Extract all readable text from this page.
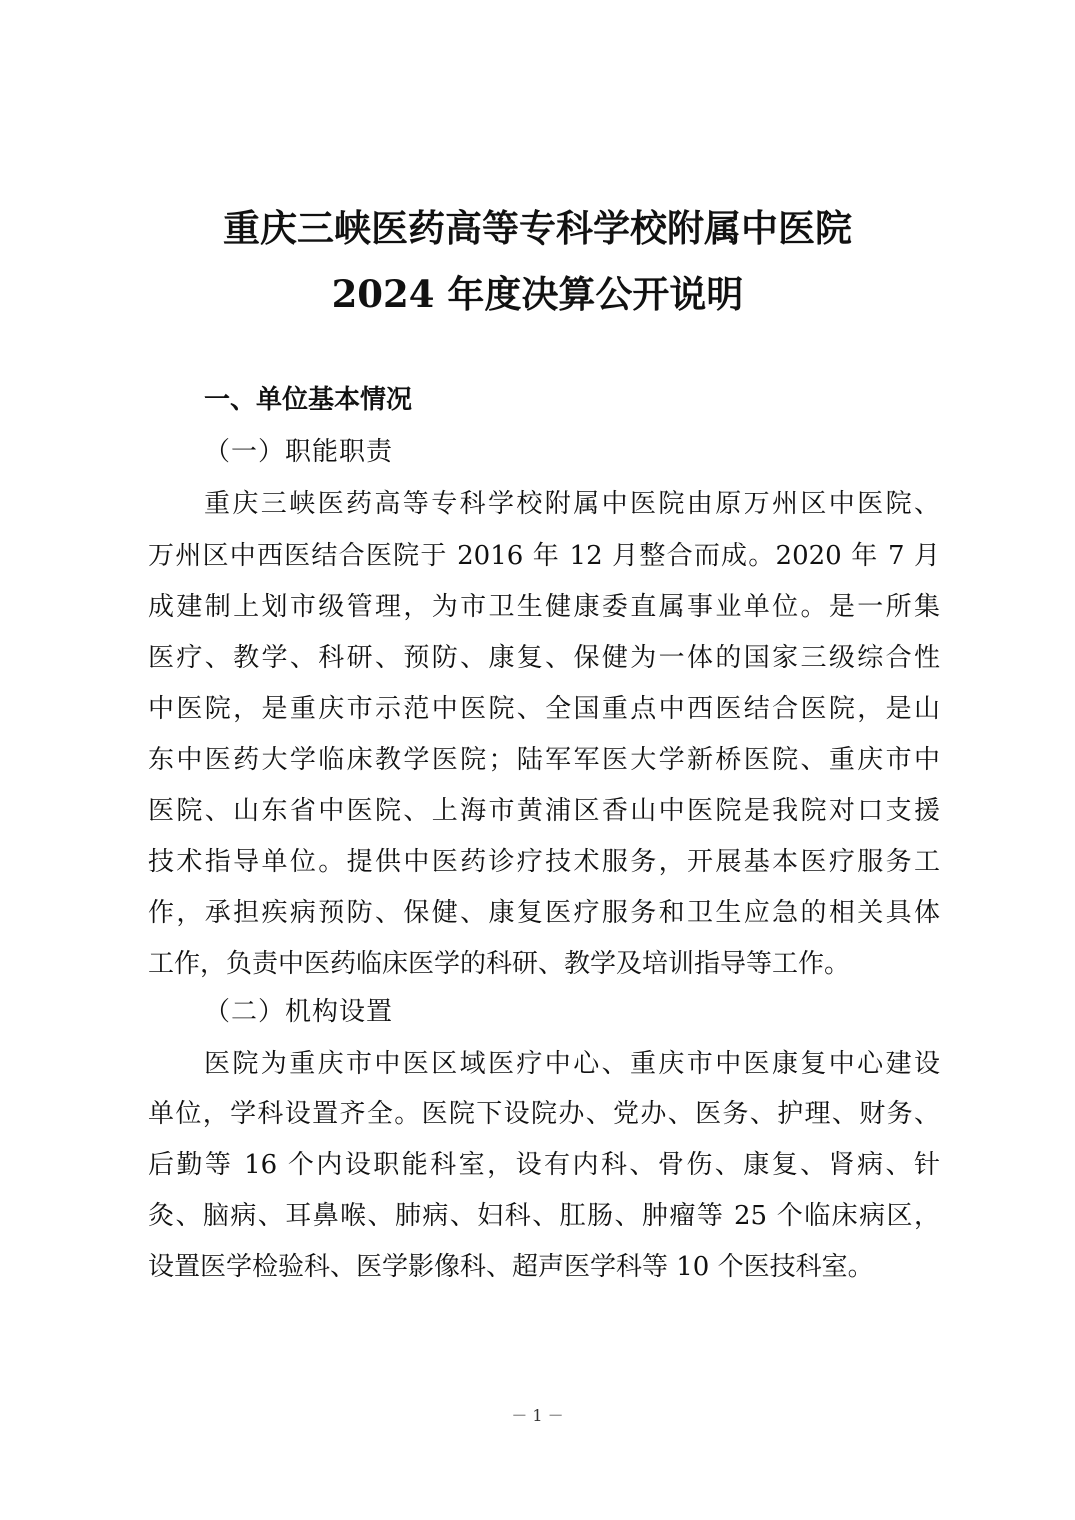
重庆三峡医药高等专科学校附属中医院
2024 年度决算公开说明
一、单位基本情况
（一）职能职责
重庆三峡医药高等专科学校附属中医院由原万州区中医院、
万州区中西医结合医院于 2016 年 12 月整合而成。2020 年 7 月
成建制上划市级管理，为市卫生健康委直属事业单位。是一所集
医疗、教学、科研、预防、康复、保健为一体的国家三级综合性
中医院，是重庆市示范中医院、全国重点中西医结合医院，是山
东中医药大学临床教学医院；陆军军医大学新桥医院、重庆市中
医院、山东省中医院、上海市黄浦区香山中医院是我院对口支援
技术指导单位。提供中医药诊疗技术服务，开展基本医疗服务工
作，承担疾病预防、保健、康复医疗服务和卫生应急的相关具体
工作，负责中医药临床医学的科研、教学及培训指导等工作。
（二）机构设置
医院为重庆市中医区域医疗中心、重庆市中医康复中心建设
单位，学科设置齐全。医院下设院办、党办、医务、护理、财务、
后勤等 16 个内设职能科室，设有内科、骨伤、康复、肾病、针
灸、脑病、耳鼻喉、肺病、妇科、肛肠、肿瘤等 25 个临床病区，
设置医学检验科、医学影像科、超声医学科等 10 个医技科室。
－ 1 －
